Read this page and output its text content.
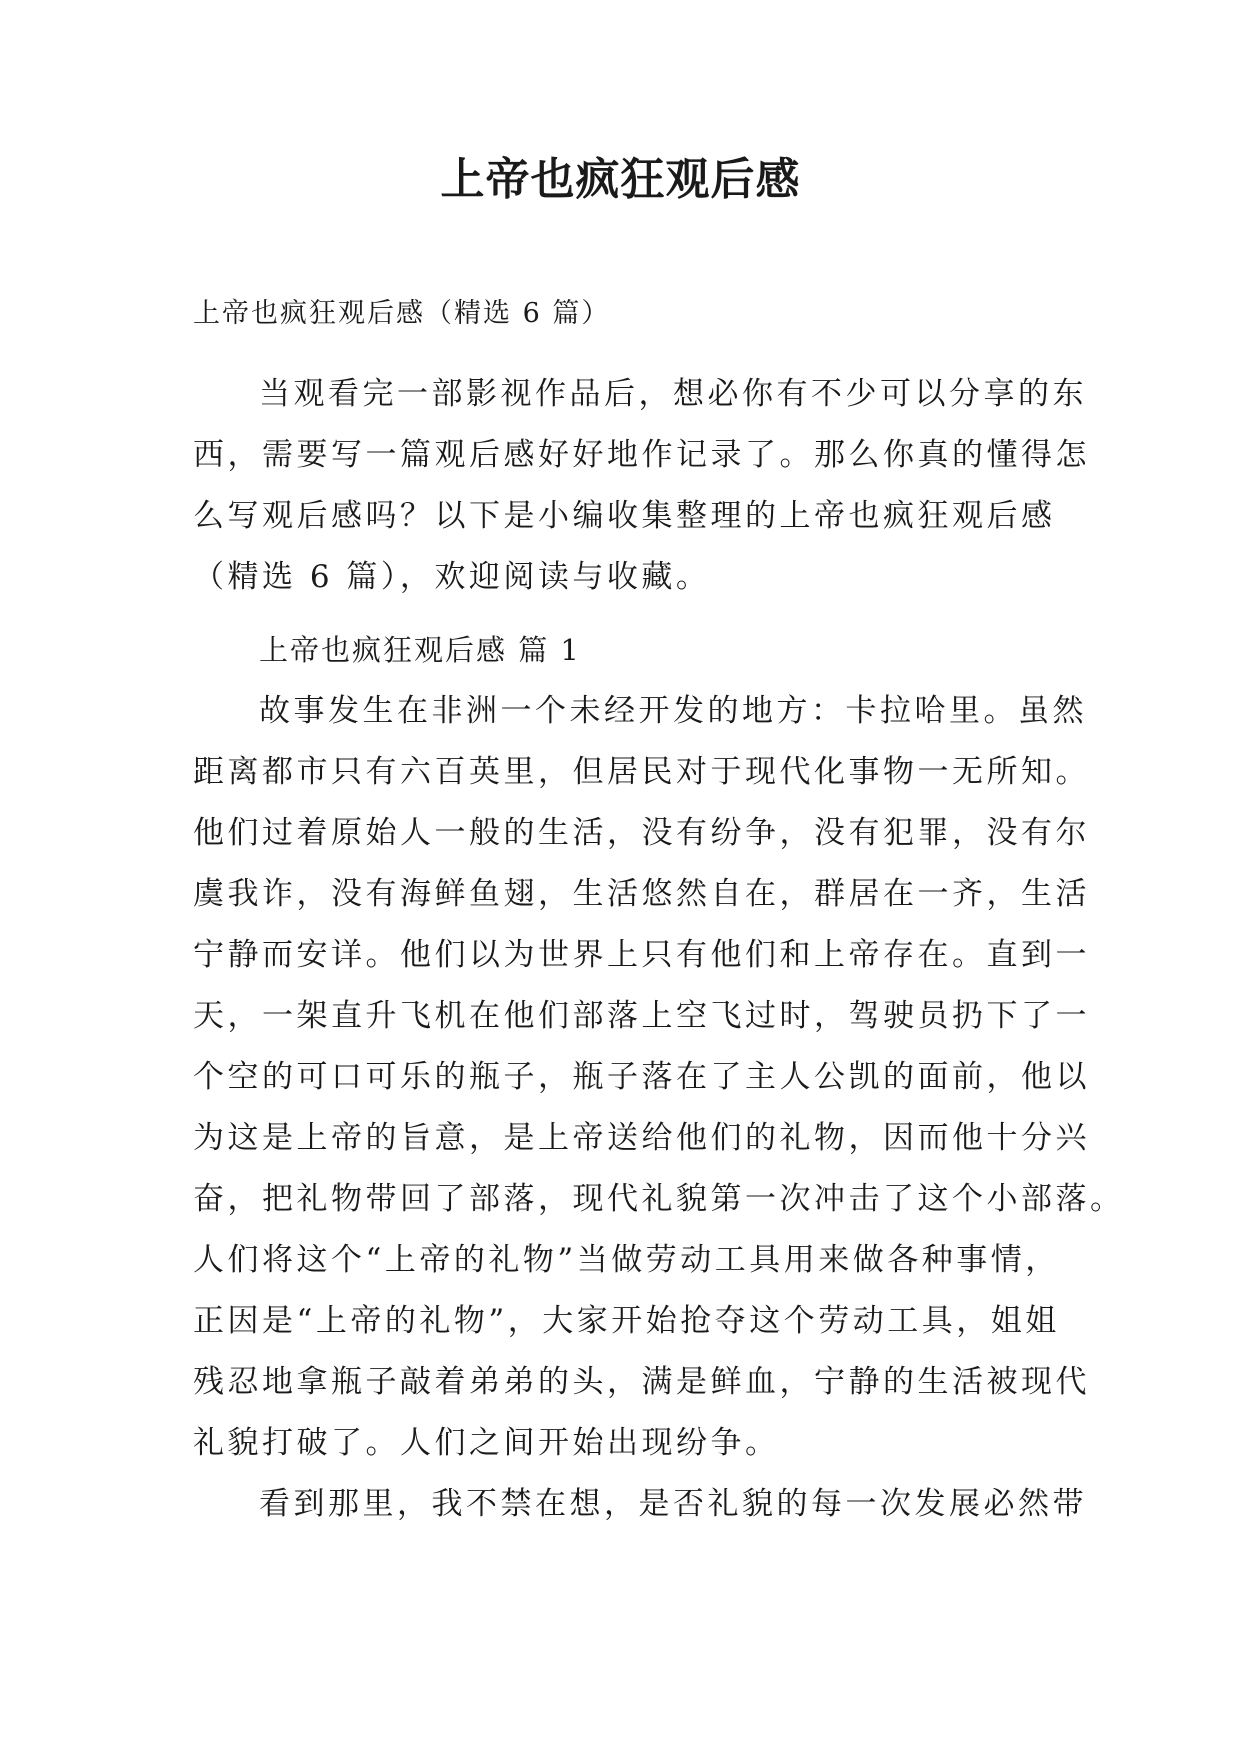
上帝也疯狂观后感

上帝也疯狂观后感（精选 6 篇）

当观看完一部影视作品后，想必你有不少可以分享的东
西，需要写一篇观后感好好地作记录了。那么你真的懂得怎
么写观后感吗？以下是小编收集整理的上帝也疯狂观后感
（精选 6 篇），欢迎阅读与收藏。
上帝也疯狂观后感 篇 1
故事发生在非洲一个未经开发的地方：卡拉哈里。虽然
距离都市只有六百英里，但居民对于现代化事物一无所知。
他们过着原始人一般的生活，没有纷争，没有犯罪，没有尔
虞我诈，没有海鲜鱼翅，生活悠然自在，群居在一齐，生活
宁静而安详。他们以为世界上只有他们和上帝存在。直到一
天，一架直升飞机在他们部落上空飞过时，驾驶员扔下了一
个空的可口可乐的瓶子，瓶子落在了主人公凯的面前，他以
为这是上帝的旨意，是上帝送给他们的礼物，因而他十分兴
奋，把礼物带回了部落，现代礼貌第一次冲击了这个小部落。
人们将这个“上帝的礼物”当做劳动工具用来做各种事情，
正因是“上帝的礼物”，大家开始抢夺这个劳动工具，姐姐
残忍地拿瓶子敲着弟弟的头，满是鲜血，宁静的生活被现代
礼貌打破了。人们之间开始出现纷争。
看到那里，我不禁在想，是否礼貌的每一次发展必然带
